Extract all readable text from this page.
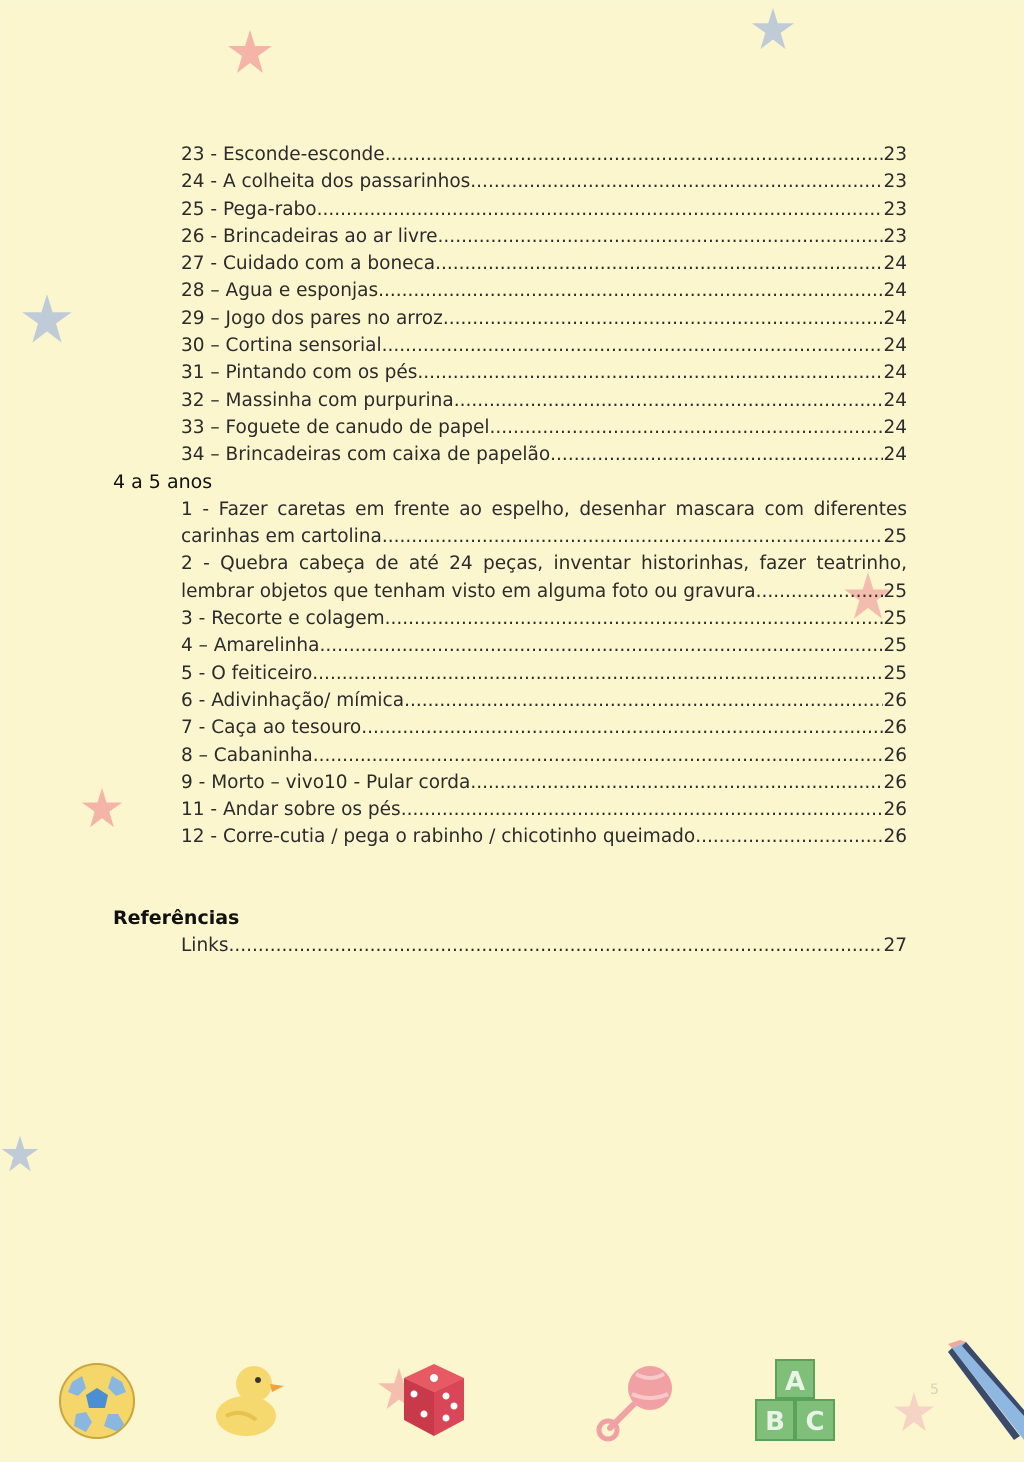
23 - Esconde-esconde .....	23
24 - A colheita dos passarinhos .....	23
25 - Pega-rabo .....	23
26 - Brincadeiras ao ar livre .....	23
27 - Cuidado com a boneca .....	24
28 – Agua e esponjas .....	24
29 – Jogo dos pares no arroz .....	24
30 – Cortina sensorial .....	24
31 – Pintando com os pés .....	24
32 – Massinha com purpurina .....	24
33 – Foguete de canudo de papel .....	24
34 – Brincadeiras com caixa de papelão .....	24
4 a 5 anos
1 - Fazer caretas em frente ao espelho, desenhar mascara com diferentes
carinhas em cartolina .....	25
2 - Quebra cabeça de até 24 peças, inventar historinhas, fazer teatrinho,
lembrar objetos que tenham visto em alguma foto ou gravura .....	25
3 - Recorte e colagem .....	25
4 – Amarelinha .....	25
5 - O feiticeiro .....	25
6 - Adivinhação/ mímica .....	26
7 - Caça ao tesouro .....	26
8 – Cabaninha .....	26
9 - Morto – vivo10 - Pular corda .....	26
11 - Andar sobre os pés .....	26
12 - Corre-cutia / pega o rabinho / chicotinho queimado .....	26
Referências
Links .....	27
A
B C
5
